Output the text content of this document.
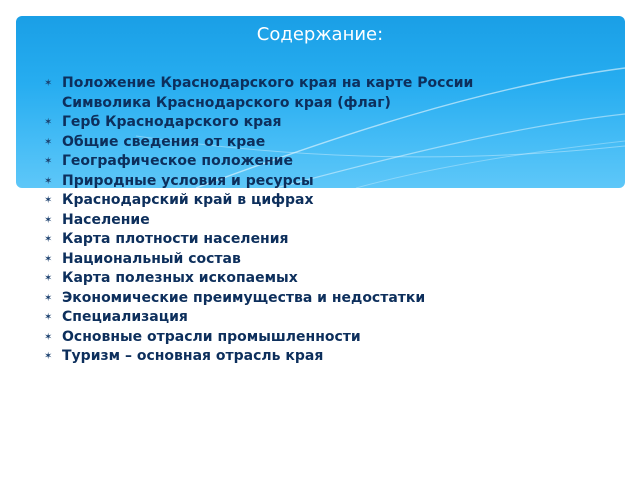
Содержание:
✶ Положение Краснодарского края на карте России
Символика Краснодарского края (флаг)
✶ Герб Краснодарского края
✶ Общие сведения от крае
✶ Географическое положение
✶ Природные условия и ресурсы
✶ Краснодарский край в цифрах
✶ Население
✶ Карта плотности населения
✶ Национальный состав
✶ Карта полезных ископаемых
✶ Экономические преимущества и недостатки
✶ Специализация
✶ Основные отрасли промышленности
✶ Туризм – основная отрасль края
